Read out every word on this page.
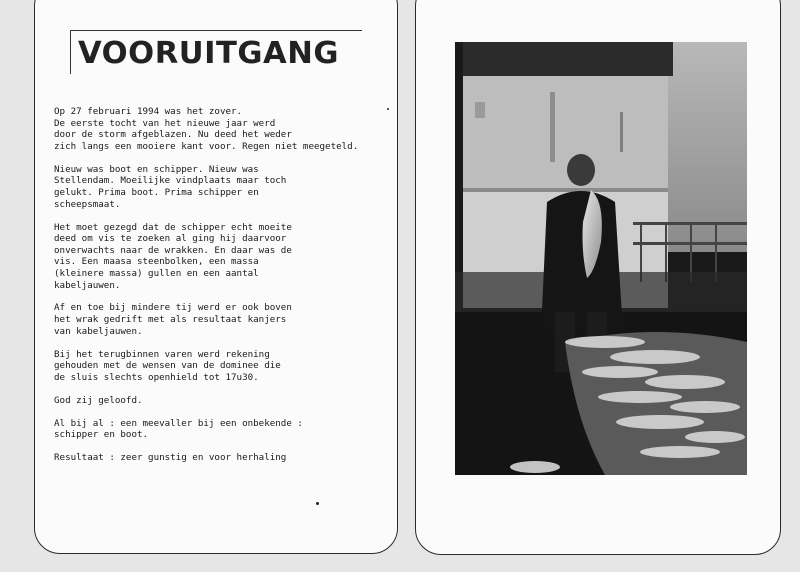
VOORUITGANG

Op 27 februari 1994 was het zover.
De eerste tocht van het nieuwe jaar werd
door de storm afgeblazen. Nu deed het weder
zich langs een mooiere kant voor. Regen niet meegeteld.

Nieuw was boot en schipper. Nieuw was
Stellendam. Moeilijke vindplaats maar toch
gelukt. Prima boot. Prima schipper en
scheepsmaat.

Het moet gezegd dat de schipper echt moeite
deed om vis te zoeken al ging hij daarvoor
onverwachts naar de wrakken. En daar was de
vis. Een maasa steenbolken, een massa
(kleinere massa) gullen en een aantal
kabeljauwen.

Af en toe bij mindere tij werd er ook boven
het wrak gedrift met als resultaat kanjers
van kabeljauwen.

Bij het terugbinnen varen werd rekening
gehouden met de wensen van de dominee die
de sluis slechts openhield tot 17u30.

God zij geloofd.

Al bij al : een meevaller bij een onbekende :
schipper en boot.

Resultaat : zeer gunstig en voor herhaling
